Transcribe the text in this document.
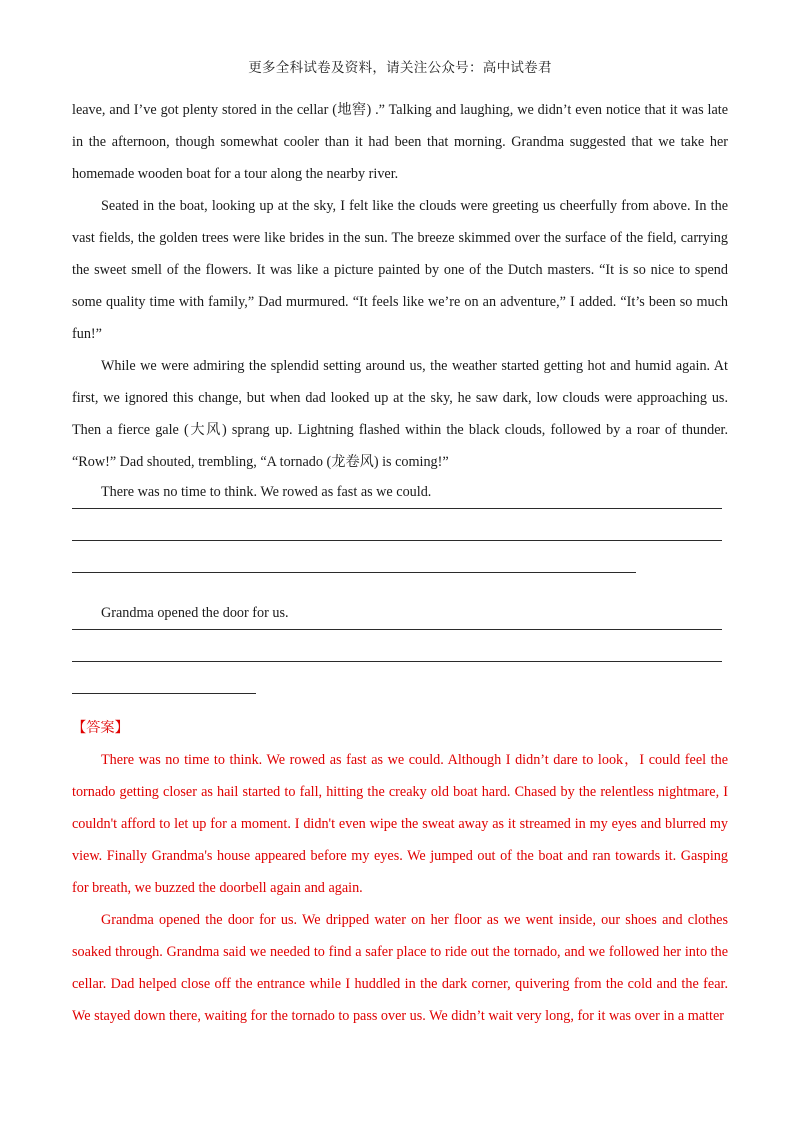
更多全科试卷及资料，请关注公众号：高中试卷君

leave, and I’ve got plenty stored in the cellar (地窖) .” Talking and laughing, we didn’t even notice that it was late in the afternoon, though somewhat cooler than it had been that morning. Grandma suggested that we take her homemade wooden boat for a tour along the nearby river.

Seated in the boat, looking up at the sky, I felt like the clouds were greeting us cheerfully from above. In the vast fields, the golden trees were like brides in the sun. The breeze skimmed over the surface of the field, carrying the sweet smell of the flowers. It was like a picture painted by one of the Dutch masters. “It is so nice to spend some quality time with family,” Dad murmured. “It feels like we’re on an adventure,” I added. “It’s been so much fun!”

While we were admiring the splendid setting around us, the weather started getting hot and humid again. At first, we ignored this change, but when dad looked up at the sky, he saw dark, low clouds were approaching us. Then a fierce gale (大风) sprang up. Lightning flashed within the black clouds, followed by a roar of thunder. “Row!” Dad shouted, trembling, “A tornado (龙卷风) is coming!”

There was no time to think. We rowed as fast as we could.

Grandma opened the door for us.

【答案】

There was no time to think. We rowed as fast as we could. Although I didn’t dare to look，I could feel the tornado getting closer as hail started to fall, hitting the creaky old boat hard. Chased by the relentless nightmare, I couldn't afford to let up for a moment. I didn't even wipe the sweat away as it streamed in my eyes and blurred my view. Finally Grandma's house appeared before my eyes. We jumped out of the boat and ran towards it. Gasping for breath, we buzzed the doorbell again and again.

Grandma opened the door for us. We dripped water on her floor as we went inside, our shoes and clothes soaked through. Grandma said we needed to find a safer place to ride out the tornado, and we followed her into the cellar. Dad helped close off the entrance while I huddled in the dark corner, quivering from the cold and the fear. We stayed down there, waiting for the tornado to pass over us. We didn’t wait very long, for it was over in a matter
